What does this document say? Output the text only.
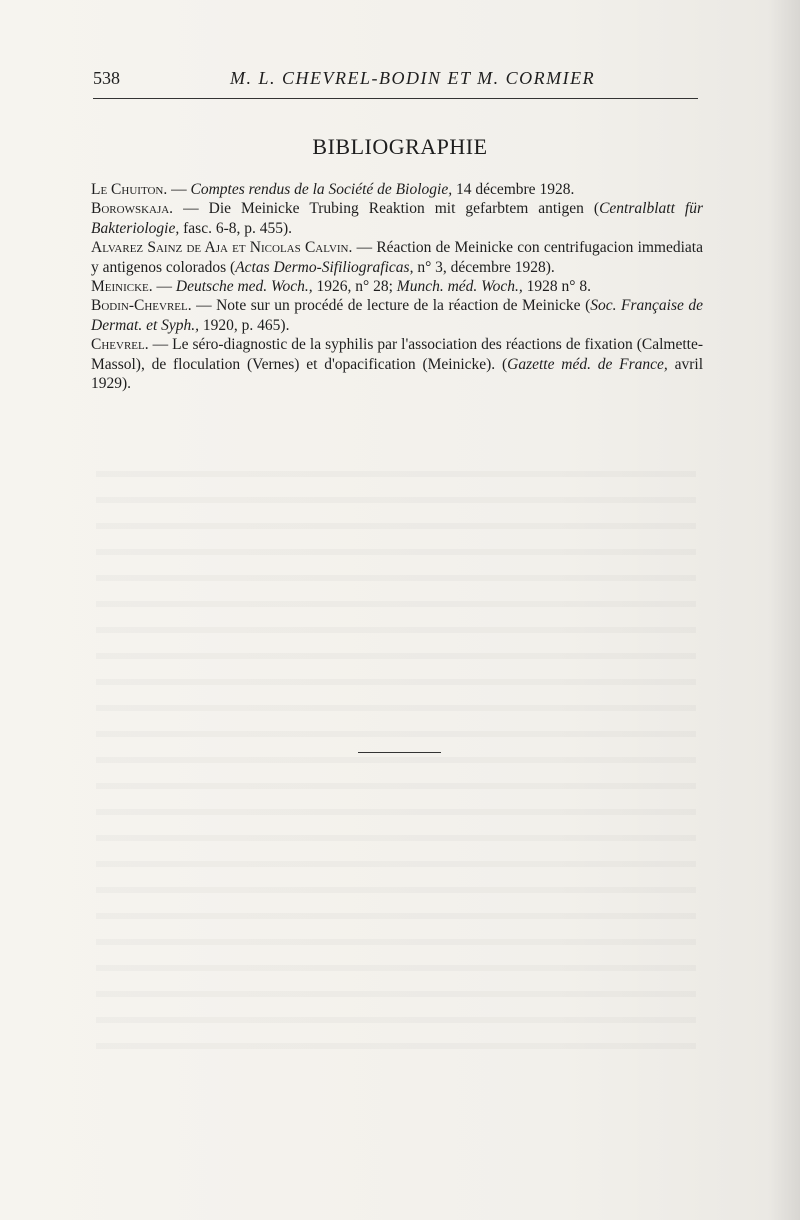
538	M. L. CHEVREL-BODIN ET M. CORMIER
BIBLIOGRAPHIE

Le Chuiton. — Comptes rendus de la Société de Biologie, 14 décembre 1928.

Borowskaja. — Die Meinicke Trubing Reaktion mit gefarbtem antigen (Centralblatt für Bakteriologie, fasc. 6-8, p. 455).

Alvarez Sainz de Aja et Nicolas Calvin. — Réaction de Meinicke con centrifugacion immediata y antigenos colorados (Actas Dermo-Sifiliograficas, n° 3, décembre 1928).

Meinicke. — Deutsche med. Woch., 1926, n° 28; Munch. méd. Woch., 1928 n° 8.

Bodin-Chevrel. — Note sur un procédé de lecture de la réaction de Meinicke (Soc. Française de Dermat. et Syph., 1920, p. 465).

Chevrel. — Le séro-diagnostic de la syphilis par l'association des réactions de fixation (Calmette-Massol), de floculation (Vernes) et d'opacification (Meinicke). (Gazette méd. de France, avril 1929).
